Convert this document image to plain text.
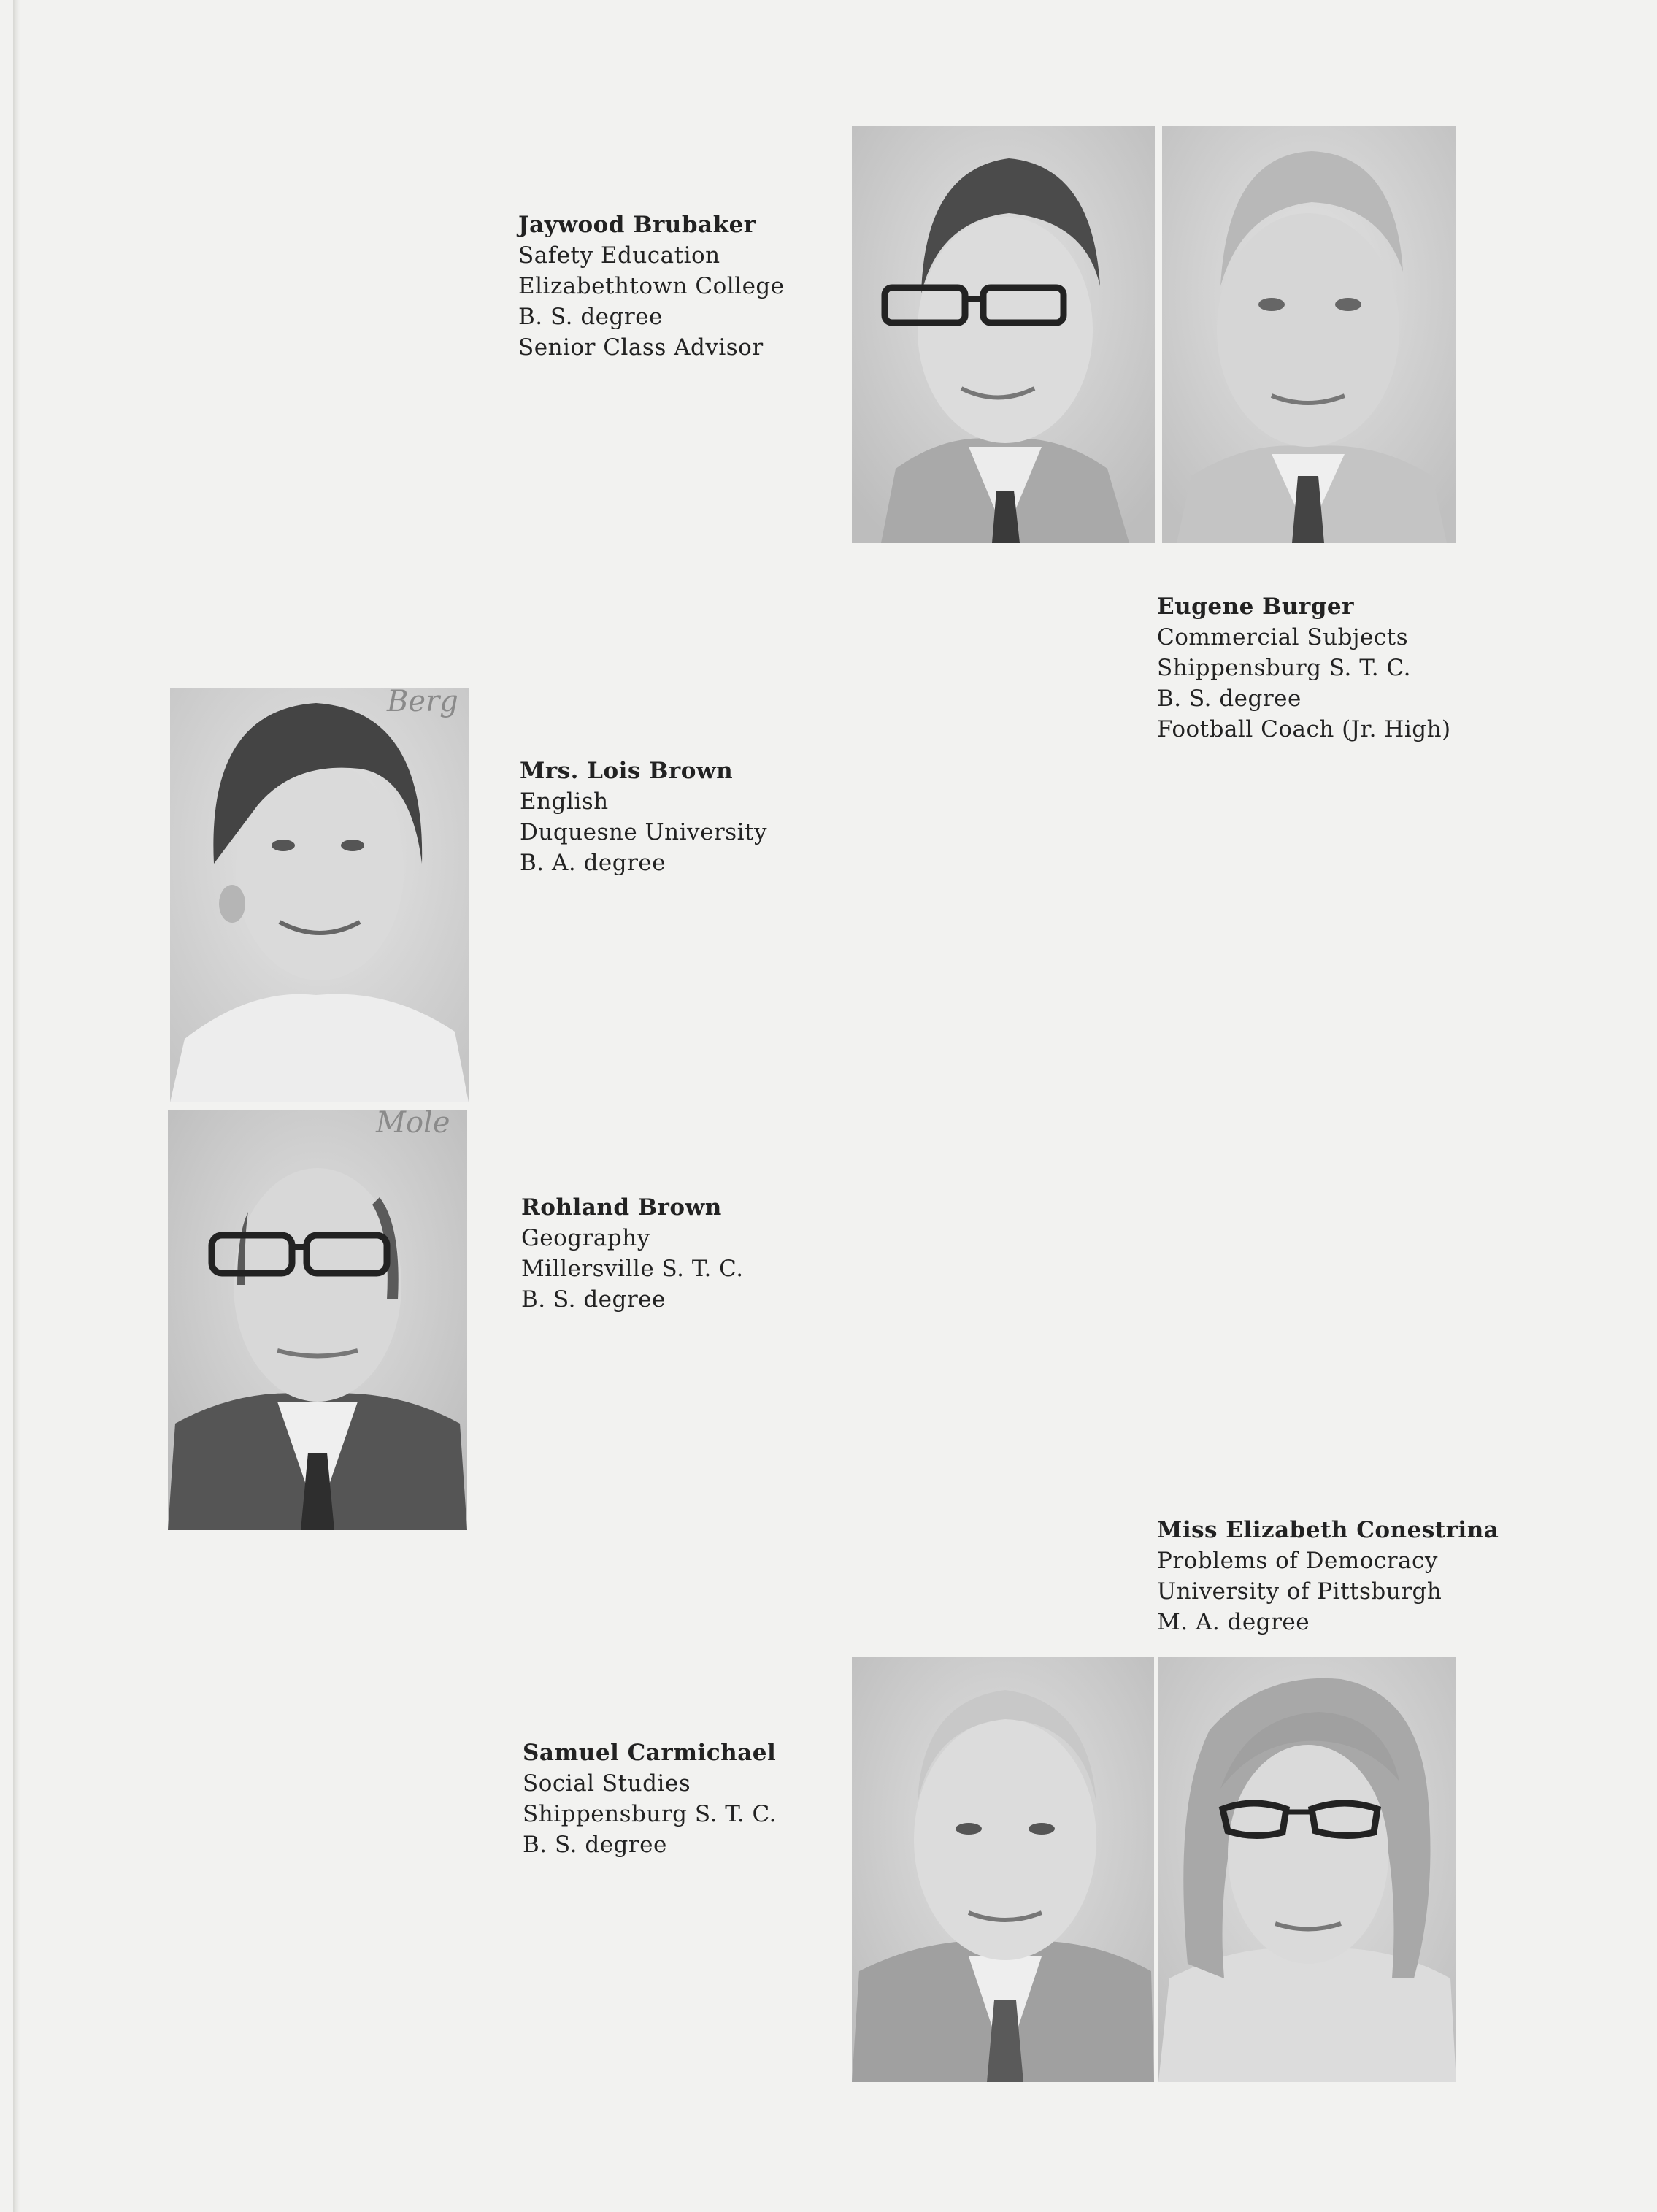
Jaywood Brubaker
Safety Education
Elizabethtown College
B. S. degree
Senior Class Advisor
Eugene Burger
Commercial Subjects
Shippensburg S. T. C.
B. S. degree
Football Coach (Jr. High)
Mrs. Lois Brown
English
Duquesne University
B. A. degree
Rohland Brown
Geography
Millersville S. T. C.
B. S. degree
Miss Elizabeth Conestrina
Problems of Democracy
University of Pittsburgh
M. A. degree
Samuel Carmichael
Social Studies
Shippensburg S. T. C.
B. S. degree
Berg
Mole
